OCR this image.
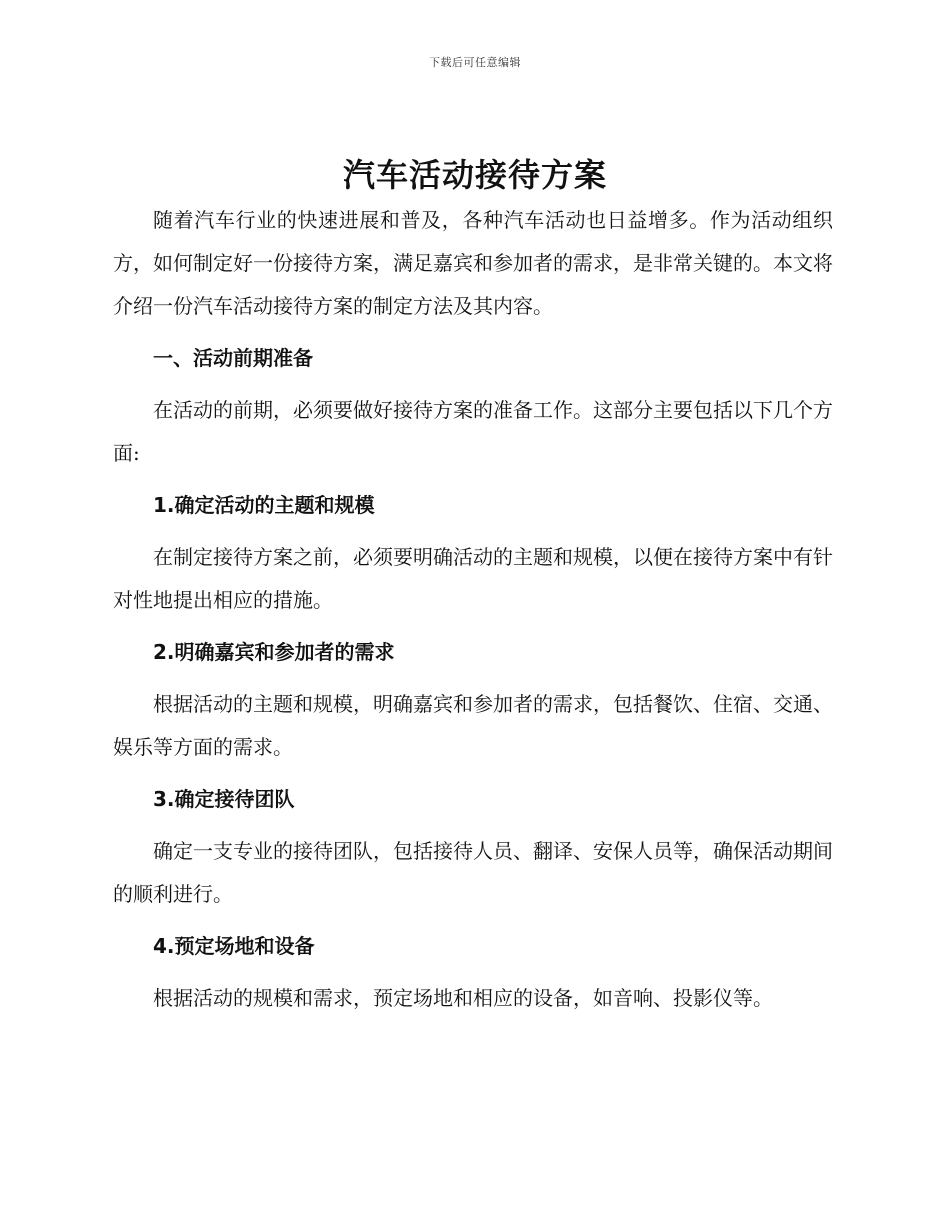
下载后可任意编辑
汽车活动接待方案

随着汽车行业的快速进展和普及，各种汽车活动也日益增多。作为活动组织方，如何制定好一份接待方案，满足嘉宾和参加者的需求，是非常关键的。本文将介绍一份汽车活动接待方案的制定方法及其内容。

一、活动前期准备

在活动的前期，必须要做好接待方案的准备工作。这部分主要包括以下几个方面:

1.确定活动的主题和规模

在制定接待方案之前，必须要明确活动的主题和规模，以便在接待方案中有针对性地提出相应的措施。

2.明确嘉宾和参加者的需求

根据活动的主题和规模，明确嘉宾和参加者的需求，包括餐饮、住宿、交通、娱乐等方面的需求。

3.确定接待团队

确定一支专业的接待团队，包括接待人员、翻译、安保人员等，确保活动期间的顺利进行。

4.预定场地和设备

根据活动的规模和需求，预定场地和相应的设备，如音响、投影仪等。
